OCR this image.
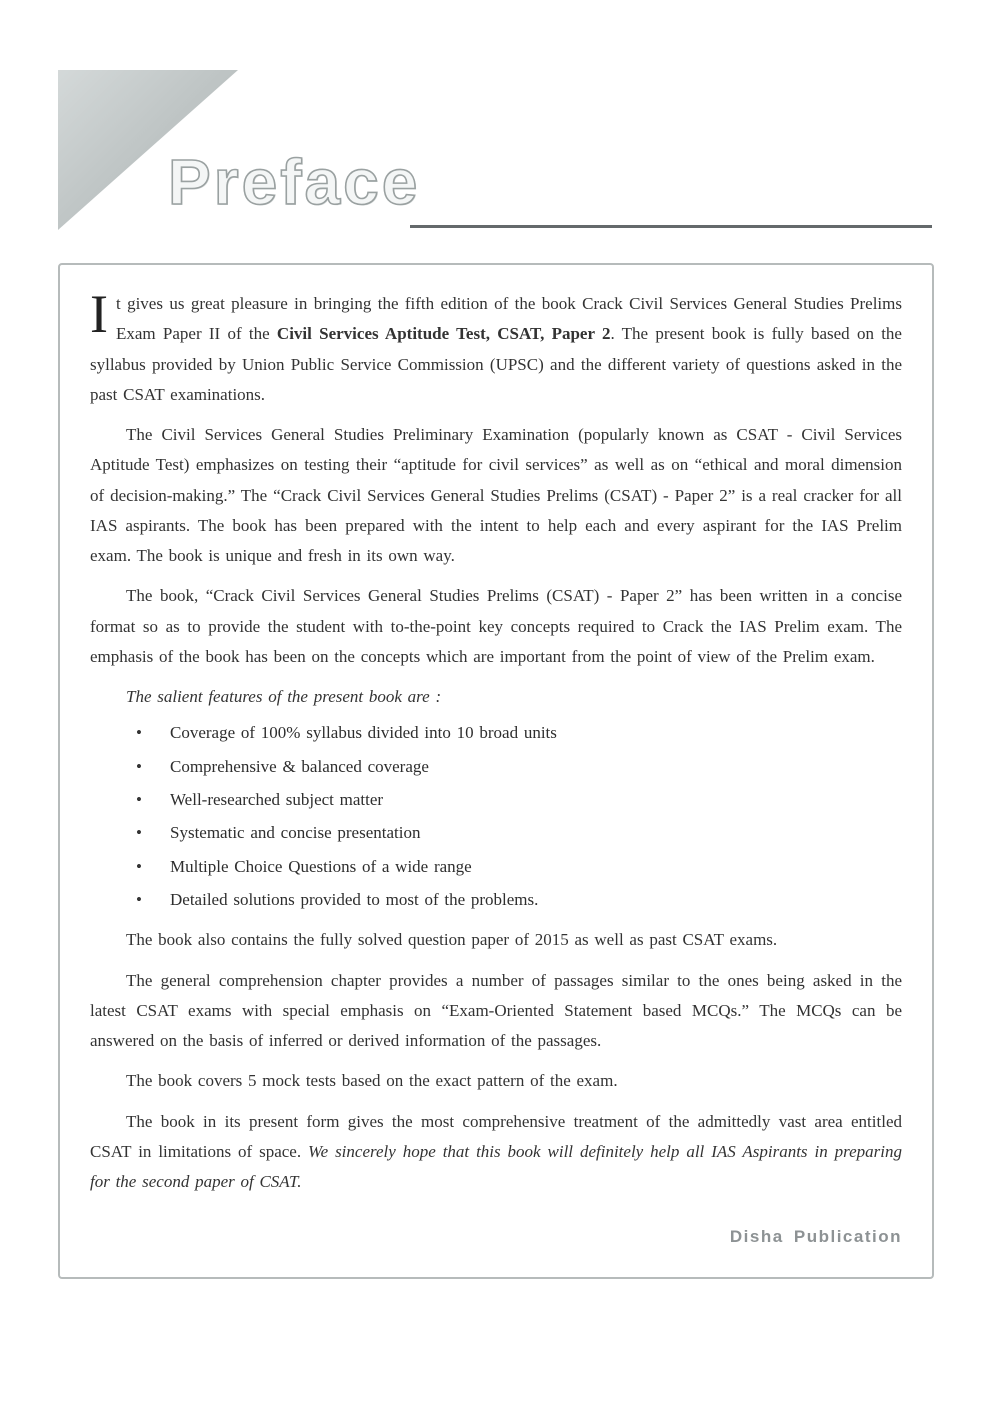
Preface

It gives us great pleasure in bringing the fifth edition of the book Crack Civil Services General Studies Prelims Exam Paper II of the Civil Services Aptitude Test, CSAT, Paper 2. The present book is fully based on the syllabus provided by Union Public Service Commission (UPSC) and the different variety of questions asked in the past CSAT examinations.

The Civil Services General Studies Preliminary Examination (popularly known as CSAT - Civil Services Aptitude Test) emphasizes on testing their “aptitude for civil services” as well as on “ethical and moral dimension of decision-making.” The “Crack Civil Services General Studies Prelims (CSAT) - Paper 2” is a real cracker for all IAS aspirants. The book has been prepared with the intent to help each and every aspirant for the IAS Prelim exam. The book is unique and fresh in its own way.

The book, “Crack Civil Services General Studies Prelims (CSAT) - Paper 2” has been written in a concise format so as to provide the student with to-the-point key concepts required to Crack the IAS Prelim exam. The emphasis of the book has been on the concepts which are important from the point of view of the Prelim exam.

The salient features of the present book are :

•	Coverage of 100% syllabus divided into 10 broad units
•	Comprehensive & balanced coverage
•	Well-researched subject matter
•	Systematic and concise presentation
•	Multiple Choice Questions of a wide range
•	Detailed solutions provided to most of the problems.

The book also contains the fully solved question paper of 2015 as well as past CSAT exams.

The general comprehension chapter provides a number of passages similar to the ones being asked in the latest CSAT exams with special emphasis on “Exam-Oriented Statement based MCQs.” The MCQs can be answered on the basis of inferred or derived information of the passages.

The book covers 5 mock tests based on the exact pattern of the exam.

The book in its present form gives the most comprehensive treatment of the admittedly vast area entitled CSAT in limitations of space. We sincerely hope that this book will definitely help all IAS Aspirants in preparing for the second paper of CSAT.

Disha Publication
